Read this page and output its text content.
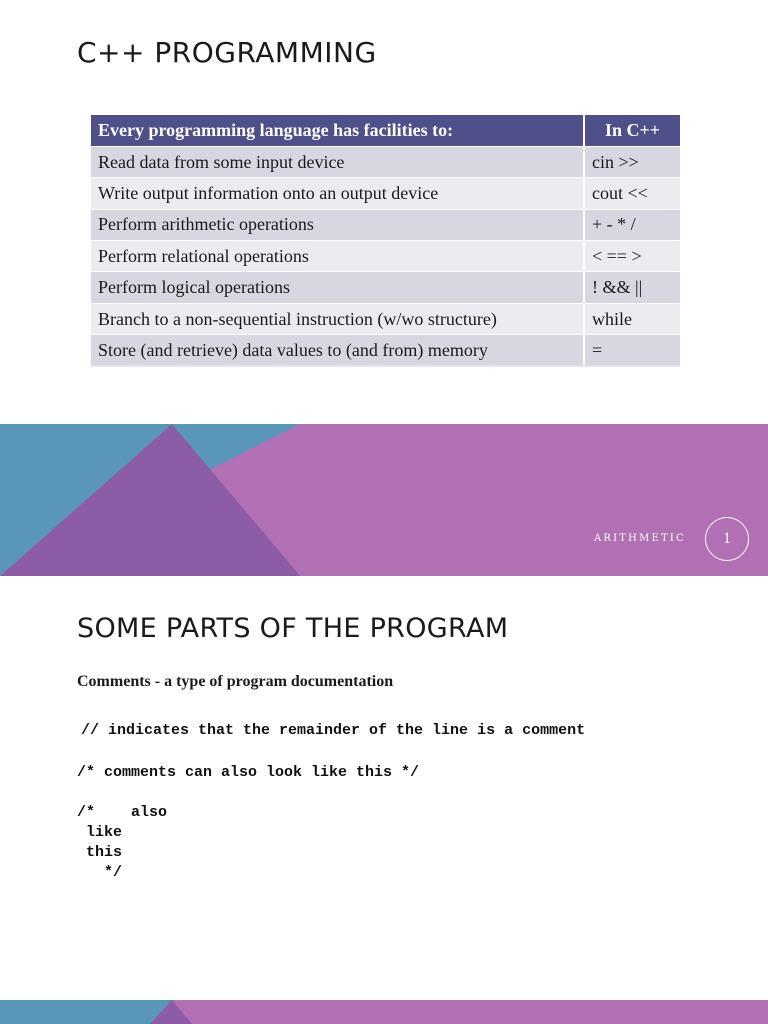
C++ PROGRAMMING
Every programming language has facilities to:	In C++
Read data from some input device	cin >>
Write output information onto an output device	cout <<
Perform arithmetic operations	+ - * /
Perform relational operations	< == >
Perform logical operations	! && ||
Branch to a non-sequential instruction (w/wo structure)	while
Store (and retrieve) data values to (and from) memory	=
ARITHMETIC 1
SOME PARTS OF THE PROGRAM

Comments - a type of program documentation

// indicates that the remainder of the line is a comment
/* comments can also look like this */
/*    also
like
this
*/
